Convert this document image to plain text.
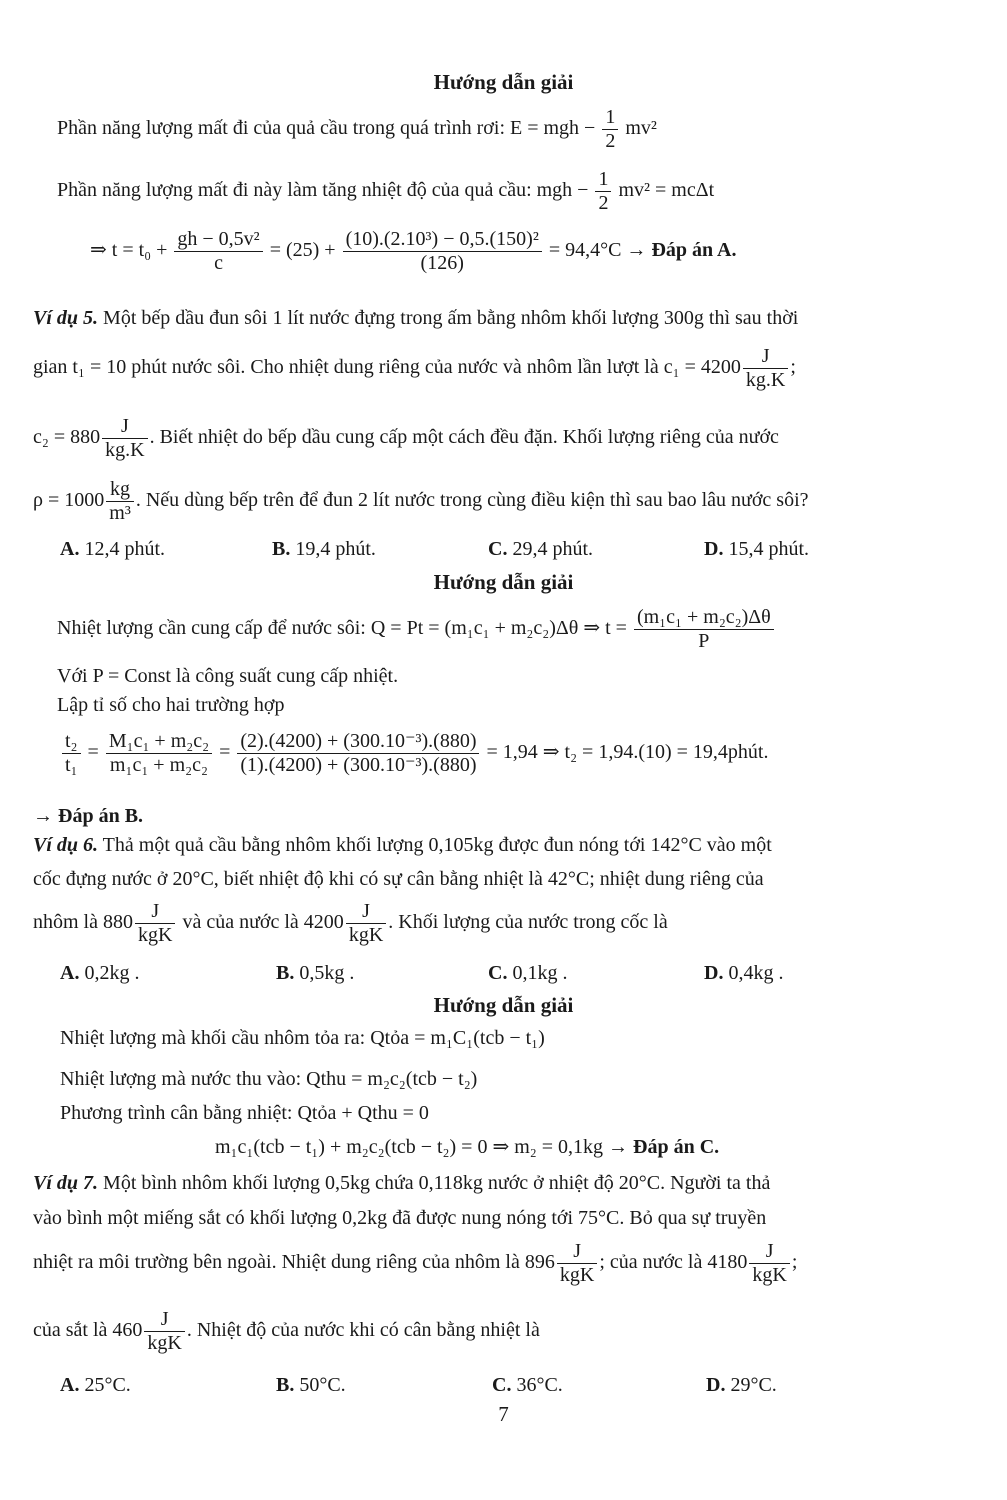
Hướng dẫn giải
Phần năng lượng mất đi của quả cầu trong quá trình rơi: E = mgh − $\frac{1}{2} mv^2$
Phần năng lượng mất đi này làm tăng nhiệt độ của quả cầu: mgh − $\frac{1}{2} mv^2 = mc\Delta t$
⇒ $t = t_0 + \frac{\text{gh − 0,5v²}}{c} = (25) + \frac{\text{(10).(2.10³) − 0,5.(150)²}}{(126)} = 94,4^\circ C$ → Đáp án A.
Ví dụ 5. Một bếp dầu đun sôi 1 lít nước đựng trong ấm bằng nhôm khối lượng 300g thì sau thời
gian t₁ = 10 phút nước sôi. Cho nhiệt dung riêng của nước và nhôm lần lượt là $c_1 = 4200 \frac{J}{kg.K}$ ;
$c_2 = 880 \frac{J}{kg.K}$ . Biết nhiệt do bếp dầu cung cấp một cách đều đặn. Khối lượng riêng của nước
$\rho = 1000 \frac{kg}{\text{m³}}$ . Nếu dùng bếp trên để đun 2 lít nước trong cùng điều kiện thì sau bao lâu nước sôi?
A. 12,4 phút.	B. 19,4 phút.	C. 29,4 phút.	D. 15,4 phút.
Hướng dẫn giải
Nhiệt lượng cần cung cấp để nước sôi: Q = Pt = (m₁c₁ + m₂c₂)Δθ ⇒ $t = \frac{\text{(m₁c₁ + m₂c₂)Δθ}}{P}$
Với P = Const là công suất cung cấp nhiệt.
Lập tỉ số cho hai trường hợp
$\frac{\text{t₂}}{\text{t₁}} = \frac{\text{M₁c₁ + m₂c₂}}{\text{m₁c₁ + m₂c₂}} = \frac{\text{(2).(4200) + (300.10⁻³).(880)}}{\text{(1).(4200) + (300.10⁻³).(880)}} = 1,94$ ⇒ t₂ = 1,94.(10) = 19,4phút.
→ Đáp án B.
Ví dụ 6. Thả một quả cầu bằng nhôm khối lượng 0,105kg được đun nóng tới 142°C vào một
cốc đựng nước ở 20°C, biết nhiệt độ khi có sự cân bằng nhiệt là 42°C; nhiệt dung riêng của
nhôm là $880 \frac{J}{\text{kgK}}$ và của nước là $4200 \frac{J}{\text{kgK}}$ . Khối lượng của nước trong cốc là
A. 0,2kg .	B. 0,5kg .	C. 0,1kg .	D. 0,4kg .
Hướng dẫn giải
Nhiệt lượng mà khối cầu nhôm tỏa ra: Qtỏa = m₁C₁(tcb − t₁)
Nhiệt lượng mà nước thu vào: Qthu = m₂c₂(tcb − t₂)
Phương trình cân bằng nhiệt: Qtỏa + Qthu = 0
m₁c₁(tcb − t₁) + m₂c₂(tcb − t₂) = 0 ⇒ m₂ = 0,1kg → Đáp án C.
Ví dụ 7. Một bình nhôm khối lượng 0,5kg chứa 0,118kg nước ở nhiệt độ 20°C. Người ta thả
vào bình một miếng sắt có khối lượng 0,2kg đã được nung nóng tới 75°C. Bỏ qua sự truyền
nhiệt ra môi trường bên ngoài. Nhiệt dung riêng của nhôm là $896 \frac{J}{\text{kgK}}$ ; của nước là $4180 \frac{J}{\text{kgK}}$ ;
của sắt là $460 \frac{J}{\text{kgK}}$ . Nhiệt độ của nước khi có cân bằng nhiệt là
A. 25°C.	B. 50°C.	C. 36°C.	D. 29°C.
7
